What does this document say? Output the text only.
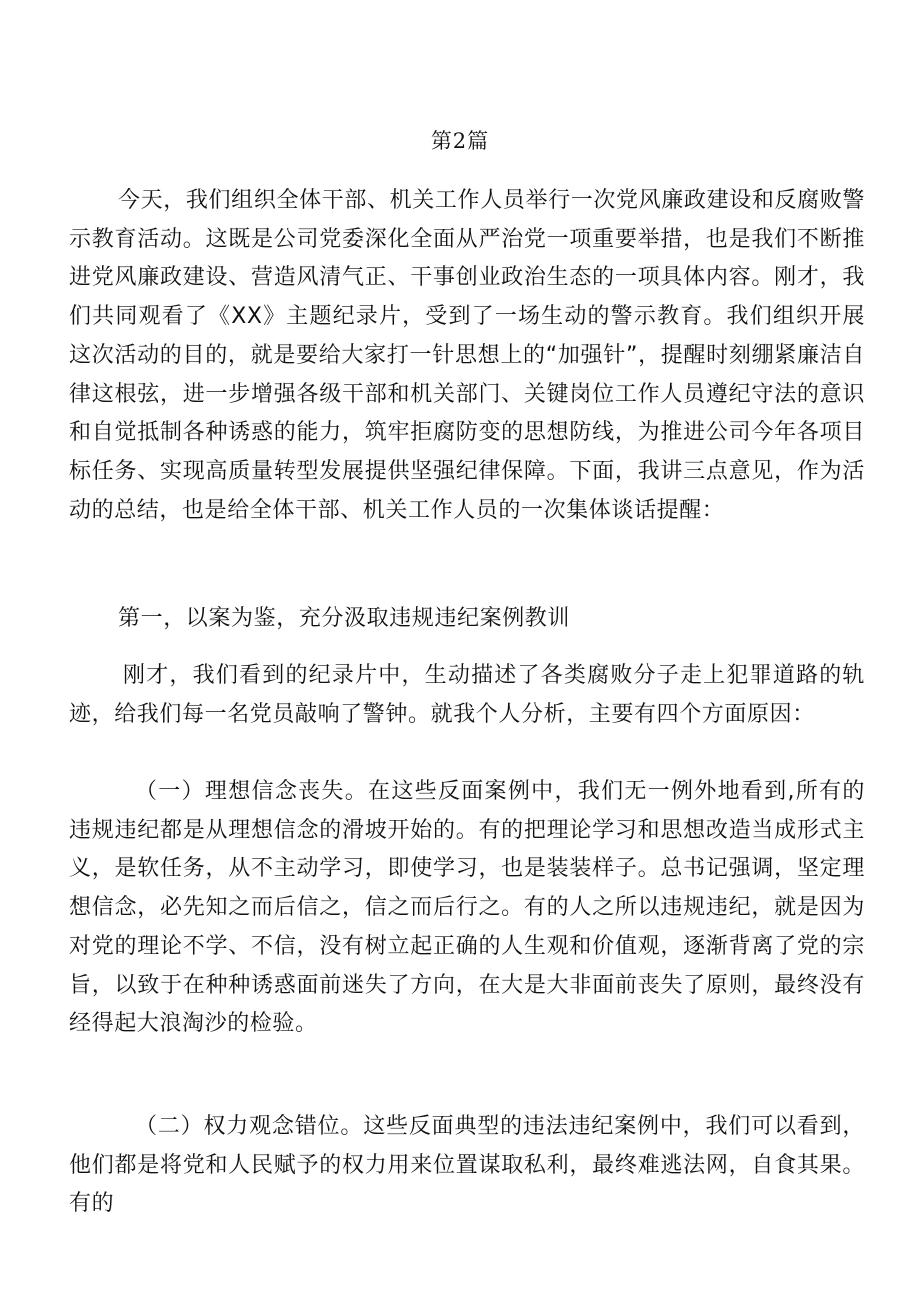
第2篇

今天，我们组织全体干部、机关工作人员举行一次党风廉政建设和反腐败警示教育活动。这既是公司党委深化全面从严治党一项重要举措，也是我们不断推进党风廉政建设、营造风清气正、干事创业政治生态的一项具体内容。刚才，我们共同观看了《XX》主题纪录片，受到了一场生动的警示教育。我们组织开展这次活动的目的，就是要给大家打一针思想上的“加强针”，提醒时刻绷紧廉洁自律这根弦，进一步增强各级干部和机关部门、关键岗位工作人员遵纪守法的意识和自觉抵制各种诱惑的能力，筑牢拒腐防变的思想防线，为推进公司今年各项目标任务、实现高质量转型发展提供坚强纪律保障。下面，我讲三点意见，作为活动的总结，也是给全体干部、机关工作人员的一次集体谈话提醒：

第一，以案为鉴，充分汲取违规违纪案例教训

刚才，我们看到的纪录片中，生动描述了各类腐败分子走上犯罪道路的轨迹，给我们每一名党员敲响了警钟。就我个人分析，主要有四个方面原因：

（一）理想信念丧失。在这些反面案例中，我们无一例外地看到,所有的违规违纪都是从理想信念的滑坡开始的。有的把理论学习和思想改造当成形式主义，是软任务，从不主动学习，即使学习，也是装装样子。总书记强调，坚定理想信念，必先知之而后信之，信之而后行之。有的人之所以违规违纪，就是因为对党的理论不学、不信，没有树立起正确的人生观和价值观，逐渐背离了党的宗旨，以致于在种种诱惑面前迷失了方向，在大是大非面前丧失了原则，最终没有经得起大浪淘沙的检验。

（二）权力观念错位。这些反面典型的违法违纪案例中，我们可以看到，他们都是将党和人民赋予的权力用来位置谋取私利，最终难逃法网，自食其果。有的
